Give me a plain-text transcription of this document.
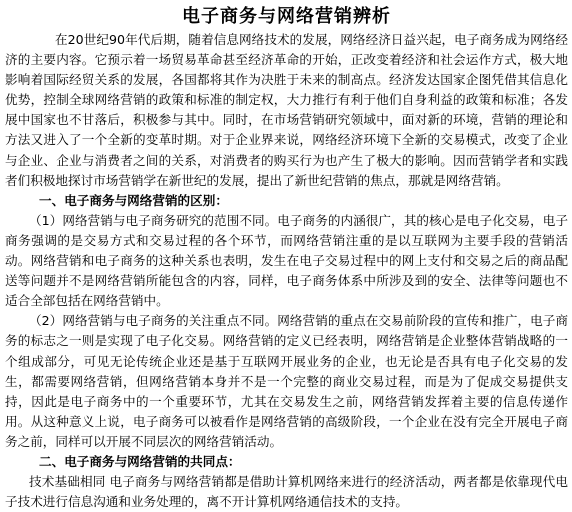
电子商务与网络营销辨析

在20世纪90年代后期，随着信息网络技术的发展，网络经济日益兴起，电子商务成为网络经济的主要内容。它预示着一场贸易革命甚至经济革命的开始，正改变着经济和社会运作方式，极大地影响着国际经贸关系的发展，各国都将其作为决胜于未来的制高点。经济发达国家企图凭借其信息化优势，控制全球网络营销的政策和标准的制定权，大力推行有利于他们自身利益的政策和标准；各发展中国家也不甘落后，积极参与其中。同时，在市场营销研究领域中，面对新的环境，营销的理论和方法又进入了一个全新的变革时期。对于企业界来说，网络经济环境下全新的交易模式，改变了企业与企业、企业与消费者之间的关系，对消费者的购买行为也产生了极大的影响。因而营销学者和实践者们积极地探讨市场营销学在新世纪的发展，提出了新世纪营销的焦点，那就是网络营销。

一、电子商务与网络营销的区别：

（1）网络营销与电子商务研究的范围不同。电子商务的内涵很广，其的核心是电子化交易，电子商务强调的是交易方式和交易过程的各个环节，而网络营销注重的是以互联网为主要手段的营销活动。网络营销和电子商务的这种关系也表明，发生在电子交易过程中的网上支付和交易之后的商品配送等问题并不是网络营销所能包含的内容，同样，电子商务体系中所涉及到的安全、法律等问题也不适合全部包括在网络营销中。

（2）网络营销与电子商务的关注重点不同。网络营销的重点在交易前阶段的宣传和推广，电子商务的标志之一则是实现了电子化交易。网络营销的定义已经表明，网络营销是企业整体营销战略的一个组成部分，可见无论传统企业还是基于互联网开展业务的企业，也无论是否具有电子化交易的发生，都需要网络营销，但网络营销本身并不是一个完整的商业交易过程，而是为了促成交易提供支持，因此是电子商务中的一个重要环节，尤其在交易发生之前，网络营销发挥着主要的信息传递作用。从这种意义上说，电子商务可以被看作是网络营销的高级阶段，一个企业在没有完全开展电子商务之前，同样可以开展不同层次的网络营销活动。

二、电子商务与网络营销的共同点：

技术基础相同 电子商务与网络营销都是借助计算机网络来进行的经济活动，两者都是依靠现代电子技术进行信息沟通和业务处理的，离不开计算机网络通信技术的支持。
